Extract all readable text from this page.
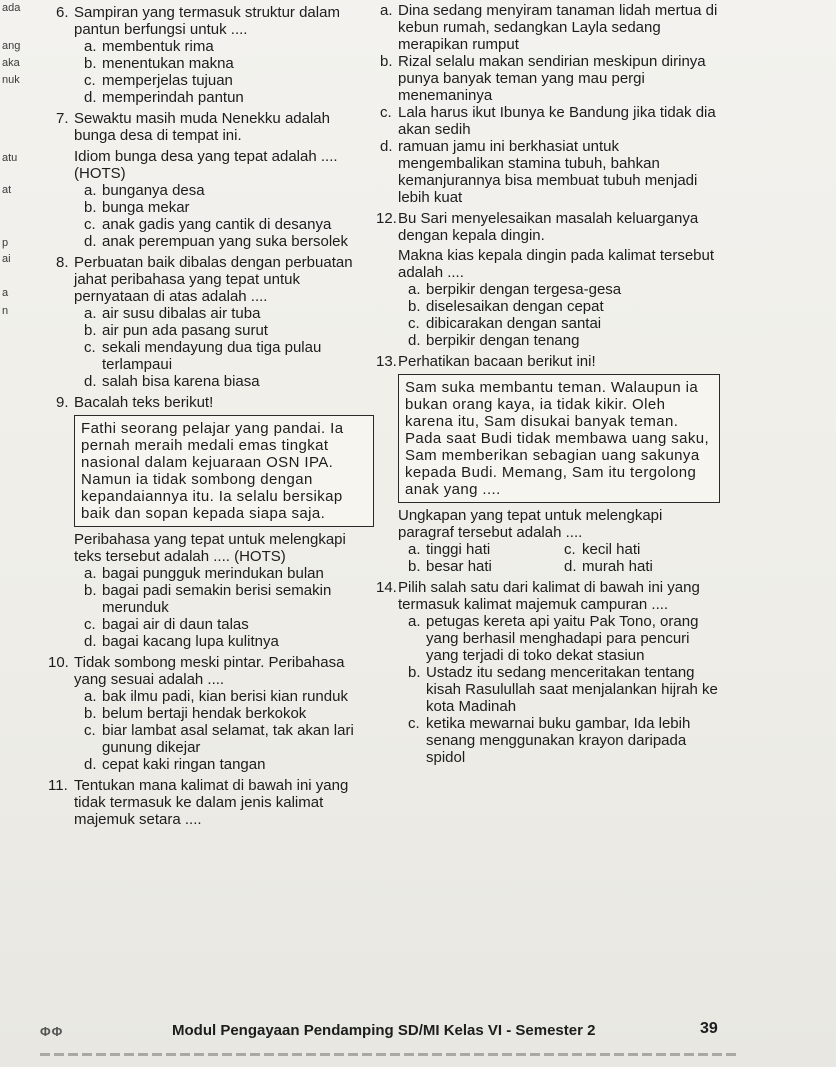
ada
ang
aka
nuk
atu
at
p
ai
a
n
6. Sampiran yang termasuk struktur dalam pantun berfungsi untuk ....

a. membentuk rima
b. menentukan makna
c. memperjelas tujuan
d. memperindah pantun
7. Sewaktu masih muda Nenekku adalah bunga desa di tempat ini.

Idiom bunga desa yang tepat adalah .... (HOTS)

a. bunganya desa
b. bunga mekar
c. anak gadis yang cantik di desanya
d. anak perempuan yang suka bersolek
8. Perbuatan baik dibalas dengan perbuatan jahat peribahasa yang tepat untuk pernyataan di atas adalah ....

a. air susu dibalas air tuba
b. air pun ada pasang surut
c. sekali mendayung dua tiga pulau terlampaui
d. salah bisa karena biasa
9. Bacalah teks berikut!

Fathi seorang pelajar yang pandai. Ia pernah meraih medali emas tingkat nasional dalam kejuaraan OSN IPA. Namun ia tidak sombong dengan kepandaiannya itu. Ia selalu bersikap baik dan sopan kepada siapa saja.

Peribahasa yang tepat untuk melengkapi teks tersebut adalah .... (HOTS)

a. bagai pungguk merindukan bulan
b. bagai padi semakin berisi semakin merunduk
c. bagai air di daun talas
d. bagai kacang lupa kulitnya
10. Tidak sombong meski pintar. Peribahasa yang sesuai adalah ....

a. bak ilmu padi, kian berisi kian runduk
b. belum bertaji hendak berkokok
c. biar lambat asal selamat, tak akan lari gunung dikejar
d. cepat kaki ringan tangan
11. Tentukan mana kalimat di bawah ini yang tidak termasuk ke dalam jenis kalimat majemuk setara ....

a. Dina sedang menyiram tanaman lidah mertua di kebun rumah, sedangkan Layla sedang merapikan rumput
b. Rizal selalu makan sendirian meskipun dirinya punya banyak teman yang mau pergi menemaninya
c. Lala harus ikut Ibunya ke Bandung jika tidak dia akan sedih
d. ramuan jamu ini berkhasiat untuk mengembalikan stamina tubuh, bahkan kemanjurannya bisa membuat tubuh menjadi lebih kuat
12. Bu Sari menyelesaikan masalah keluarganya dengan kepala dingin.

Makna kias kepala dingin pada kalimat tersebut adalah ....

a. berpikir dengan tergesa-gesa
b. diselesaikan dengan cepat
c. dibicarakan dengan santai
d. berpikir dengan tenang
13. Perhatikan bacaan berikut ini!

Sam suka membantu teman. Walaupun ia bukan orang kaya, ia tidak kikir. Oleh karena itu, Sam disukai banyak teman. Pada saat Budi tidak membawa uang saku, Sam memberikan sebagian uang sakunya kepada Budi. Memang, Sam itu tergolong anak yang ....

Ungkapan yang tepat untuk melengkapi paragraf tersebut adalah ....

a. tinggi hati	c. kecil hati
b. besar hati	d. murah hati
14. Pilih salah satu dari kalimat di bawah ini yang termasuk kalimat majemuk campuran ....

a. petugas kereta api yaitu Pak Tono, orang yang berhasil menghadapi para pencuri yang terjadi di toko dekat stasiun
b. Ustadz itu sedang menceritakan tentang kisah Rasulullah saat menjalankan hijrah ke kota Madinah
c. ketika mewarnai buku gambar, Ida lebih senang menggunakan krayon daripada spidol
ΦΦ	Modul Pengayaan Pendamping SD/MI Kelas VI - Semester 2	39
